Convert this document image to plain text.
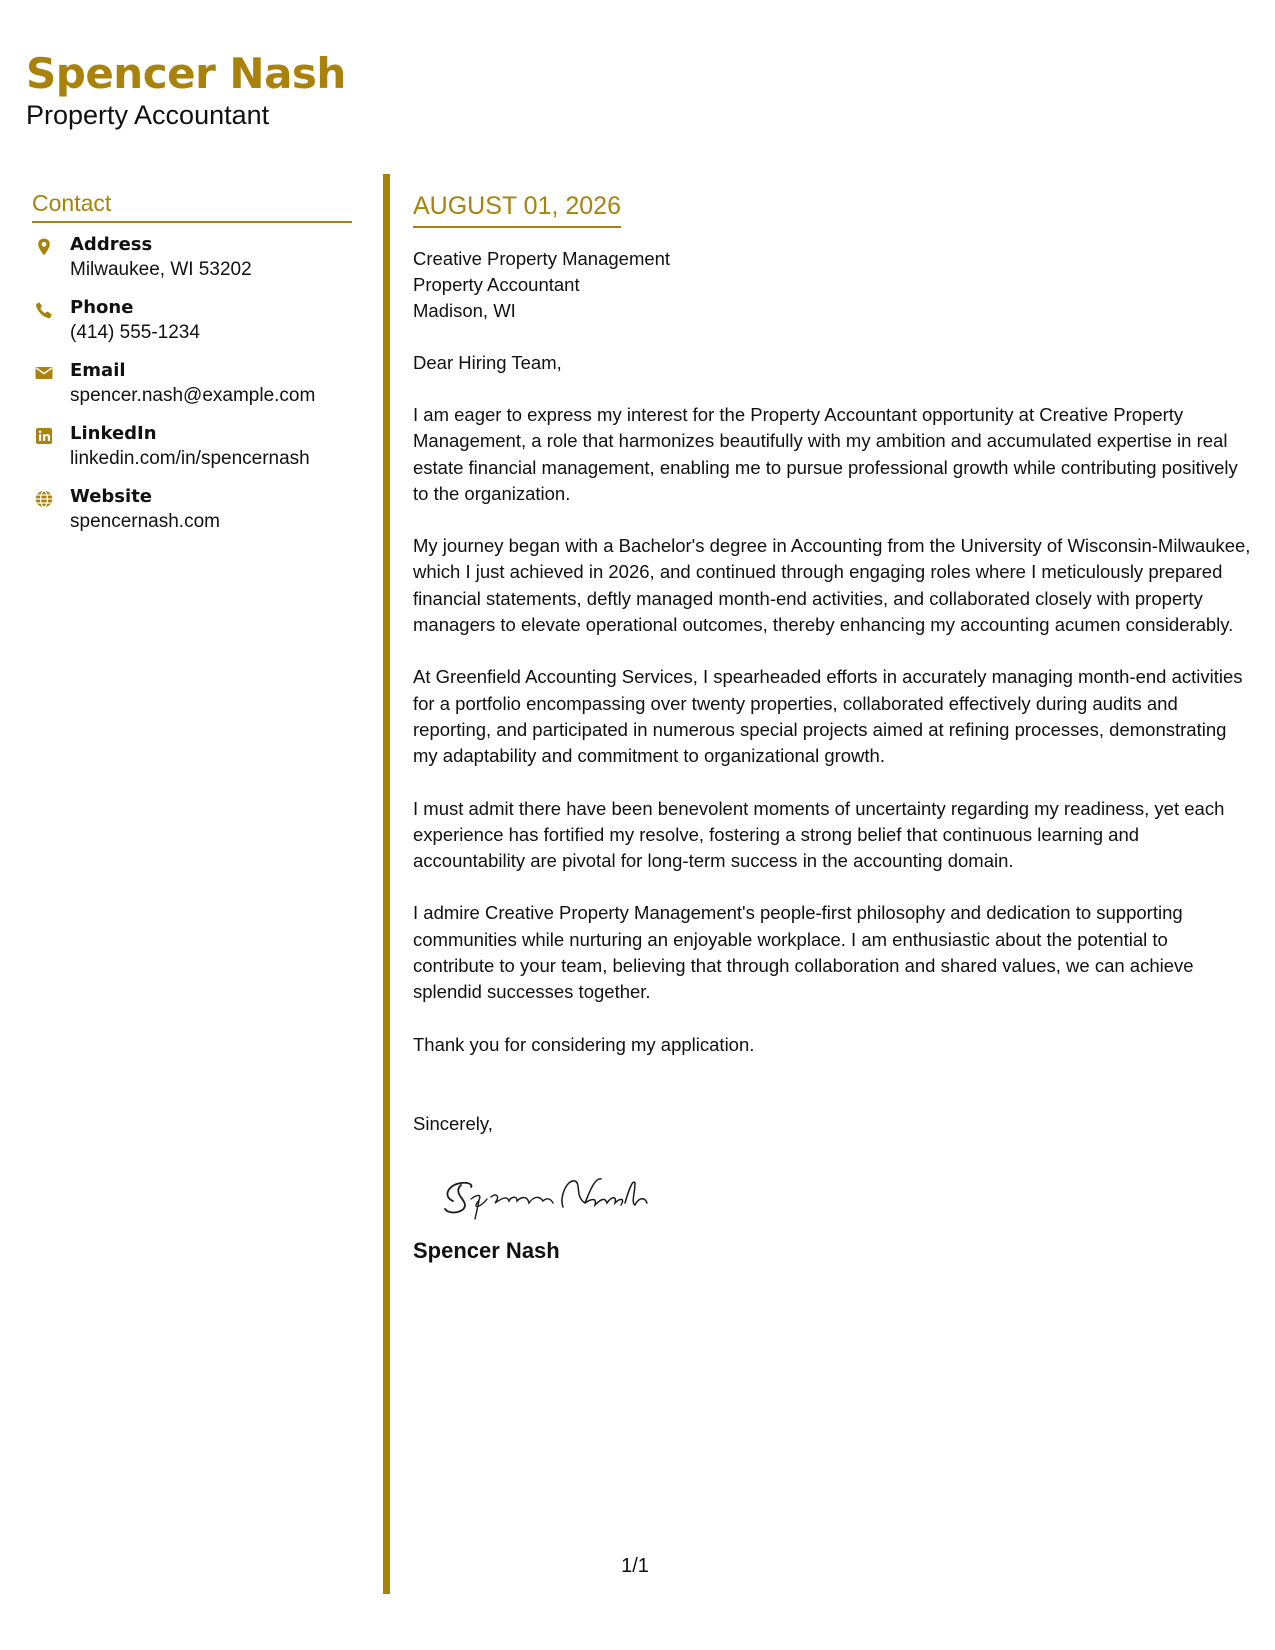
Spencer Nash
Property Accountant
Contact
Address
Milwaukee, WI 53202
Phone
(414) 555-1234
Email
spencer.nash@example.com
LinkedIn
linkedin.com/in/spencernash
Website
spencernash.com
AUGUST 01, 2026
Creative Property Management
Property Accountant
Madison, WI

Dear Hiring Team,

I am eager to express my interest for the Property Accountant opportunity at Creative Property Management, a role that harmonizes beautifully with my ambition and accumulated expertise in real estate financial management, enabling me to pursue professional growth while contributing positively to the organization.

My journey began with a Bachelor's degree in Accounting from the University of Wisconsin-Milwaukee, which I just achieved in 2026, and continued through engaging roles where I meticulously prepared financial statements, deftly managed month-end activities, and collaborated closely with property managers to elevate operational outcomes, thereby enhancing my accounting acumen considerably.

At Greenfield Accounting Services, I spearheaded efforts in accurately managing month-end activities for a portfolio encompassing over twenty properties, collaborated effectively during audits and reporting, and participated in numerous special projects aimed at refining processes, demonstrating my adaptability and commitment to organizational growth.

I must admit there have been benevolent moments of uncertainty regarding my readiness, yet each experience has fortified my resolve, fostering a strong belief that continuous learning and accountability are pivotal for long-term success in the accounting domain.

I admire Creative Property Management's people-first philosophy and dedication to supporting communities while nurturing an enjoyable workplace. I am enthusiastic about the potential to contribute to your team, believing that through collaboration and shared values, we can achieve splendid successes together.

Thank you for considering my application.

Sincerely,

Spencer Nash

1/1
